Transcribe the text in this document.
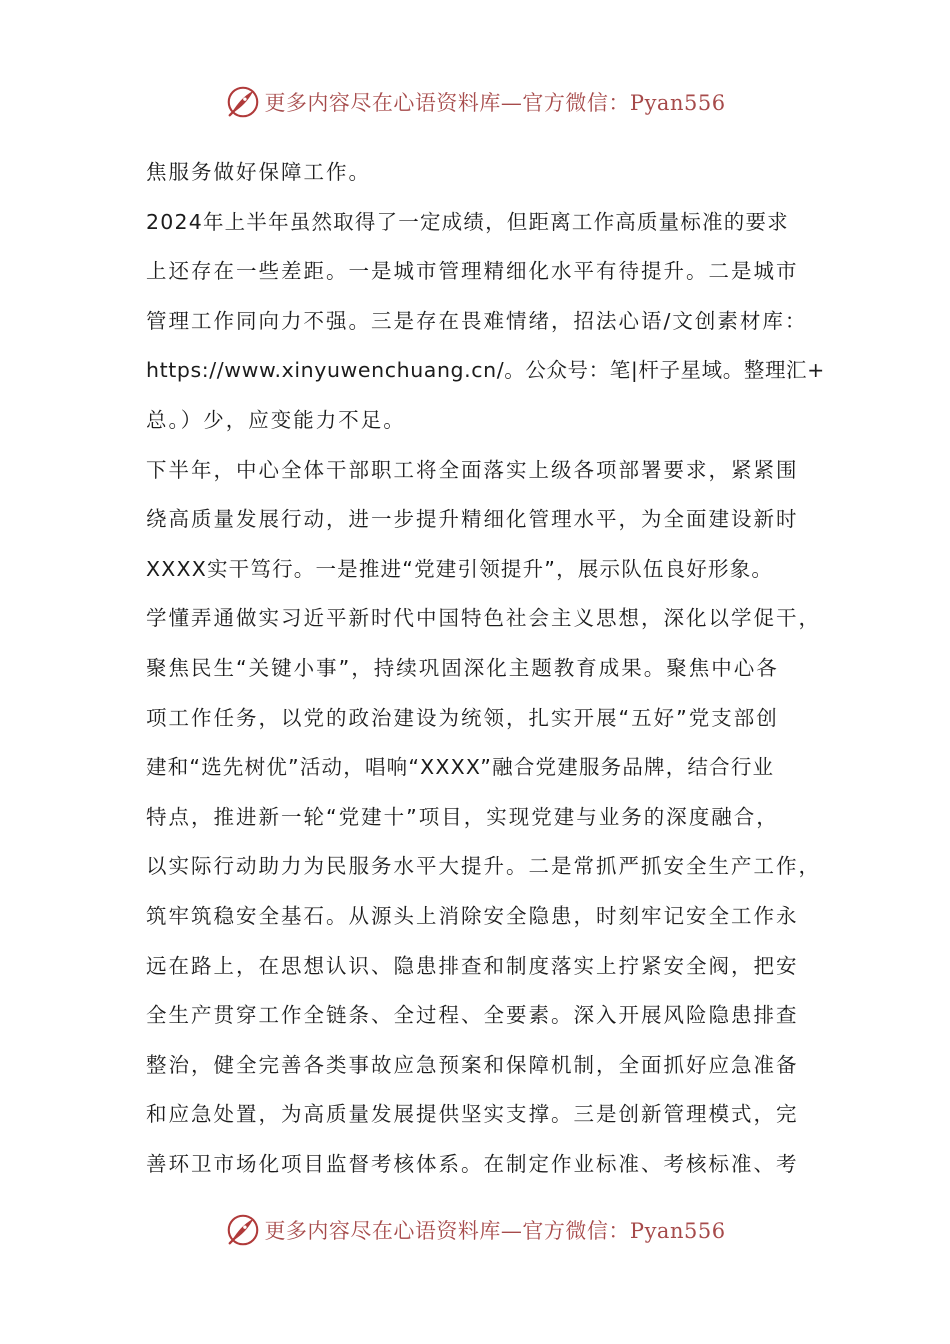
更多内容尽在心语资料库—官方微信：Pyan556
焦服务做好保障工作。
2024年上半年虽然取得了一定成绩，但距离工作高质量标准的要求
上还存在一些差距。一是城市管理精细化水平有待提升。二是城市
管理工作同向力不强。三是存在畏难情绪，招法心语/文创素材库：
https://www.xinyuwenchuang.cn/。公众号：笔|杆子星域。整理汇+
总。）少，应变能力不足。
下半年，中心全体干部职工将全面落实上级各项部署要求，紧紧围
绕高质量发展行动，进一步提升精细化管理水平，为全面建设新时
XXXX实干笃行。一是推进“党建引领提升”，展示队伍良好形象。
学懂弄通做实习近平新时代中国特色社会主义思想，深化以学促干，
聚焦民生“关键小事”，持续巩固深化主题教育成果。聚焦中心各
项工作任务，以党的政治建设为统领，扎实开展“五好”党支部创
建和“选先树优”活动，唱响“XXXX”融合党建服务品牌，结合行业
特点，推进新一轮“党建十”项目，实现党建与业务的深度融合，
以实际行动助力为民服务水平大提升。二是常抓严抓安全生产工作，
筑牢筑稳安全基石。从源头上消除安全隐患，时刻牢记安全工作永
远在路上，在思想认识、隐患排查和制度落实上拧紧安全阀，把安
全生产贯穿工作全链条、全过程、全要素。深入开展风险隐患排查
整治，健全完善各类事故应急预案和保障机制，全面抓好应急准备
和应急处置，为高质量发展提供坚实支撑。三是创新管理模式，完
善环卫市场化项目监督考核体系。在制定作业标准、考核标准、考
更多内容尽在心语资料库—官方微信：Pyan556
